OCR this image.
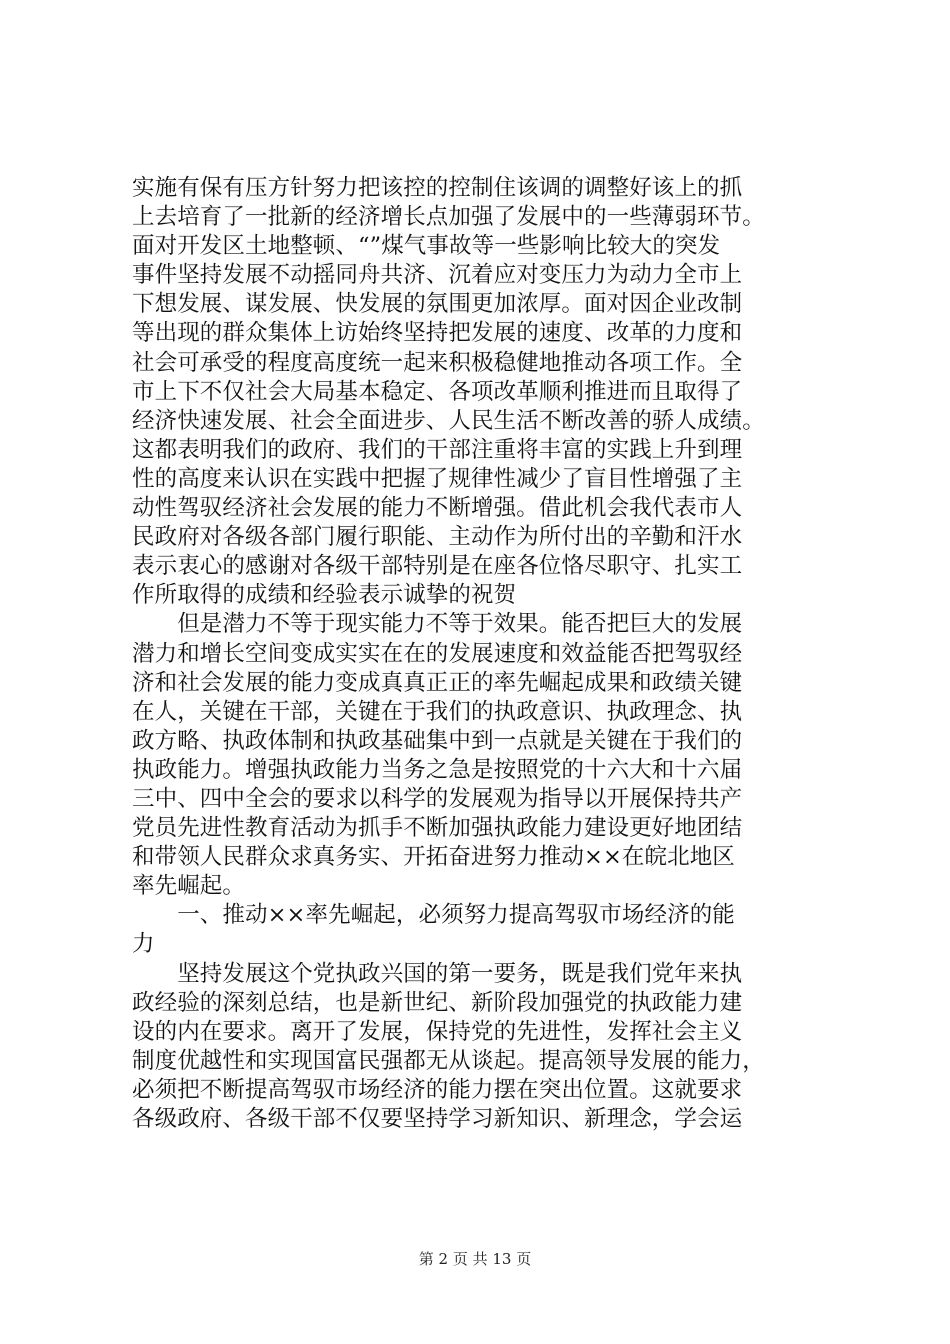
实施有保有压方针努力把该控的控制住该调的调整好该上的抓
上去培育了一批新的经济增长点加强了发展中的一些薄弱环节。
面对开发区土地整顿、“”煤气事故等一些影响比较大的突发
事件坚持发展不动摇同舟共济、沉着应对变压力为动力全市上
下想发展、谋发展、快发展的氛围更加浓厚。面对因企业改制
等出现的群众集体上访始终坚持把发展的速度、改革的力度和
社会可承受的程度高度统一起来积极稳健地推动各项工作。全
市上下不仅社会大局基本稳定、各项改革顺利推进而且取得了
经济快速发展、社会全面进步、人民生活不断改善的骄人成绩。
这都表明我们的政府、我们的干部注重将丰富的实践上升到理
性的高度来认识在实践中把握了规律性减少了盲目性增强了主
动性驾驭经济社会发展的能力不断增强。借此机会我代表市人
民政府对各级各部门履行职能、主动作为所付出的辛勤和汗水
表示衷心的感谢对各级干部特别是在座各位恪尽职守、扎实工
作所取得的成绩和经验表示诚挚的祝贺
　　但是潜力不等于现实能力不等于效果。能否把巨大的发展
潜力和增长空间变成实实在在的发展速度和效益能否把驾驭经
济和社会发展的能力变成真真正正的率先崛起成果和政绩关键
在人，关键在干部，关键在于我们的执政意识、执政理念、执
政方略、执政体制和执政基础集中到一点就是关键在于我们的
执政能力。增强执政能力当务之急是按照党的十六大和十六届
三中、四中全会的要求以科学的发展观为指导以开展保持共产
党员先进性教育活动为抓手不断加强执政能力建设更好地团结
和带领人民群众求真务实、开拓奋进努力推动××在皖北地区
率先崛起。
　　一、推动××率先崛起，必须努力提高驾驭市场经济的能
力
　　坚持发展这个党执政兴国的第一要务，既是我们党年来执
政经验的深刻总结，也是新世纪、新阶段加强党的执政能力建
设的内在要求。离开了发展，保持党的先进性，发挥社会主义
制度优越性和实现国富民强都无从谈起。提高领导发展的能力，
必须把不断提高驾驭市场经济的能力摆在突出位置。这就要求
各级政府、各级干部不仅要坚持学习新知识、新理念，学会运
第 2 页 共 13 页
